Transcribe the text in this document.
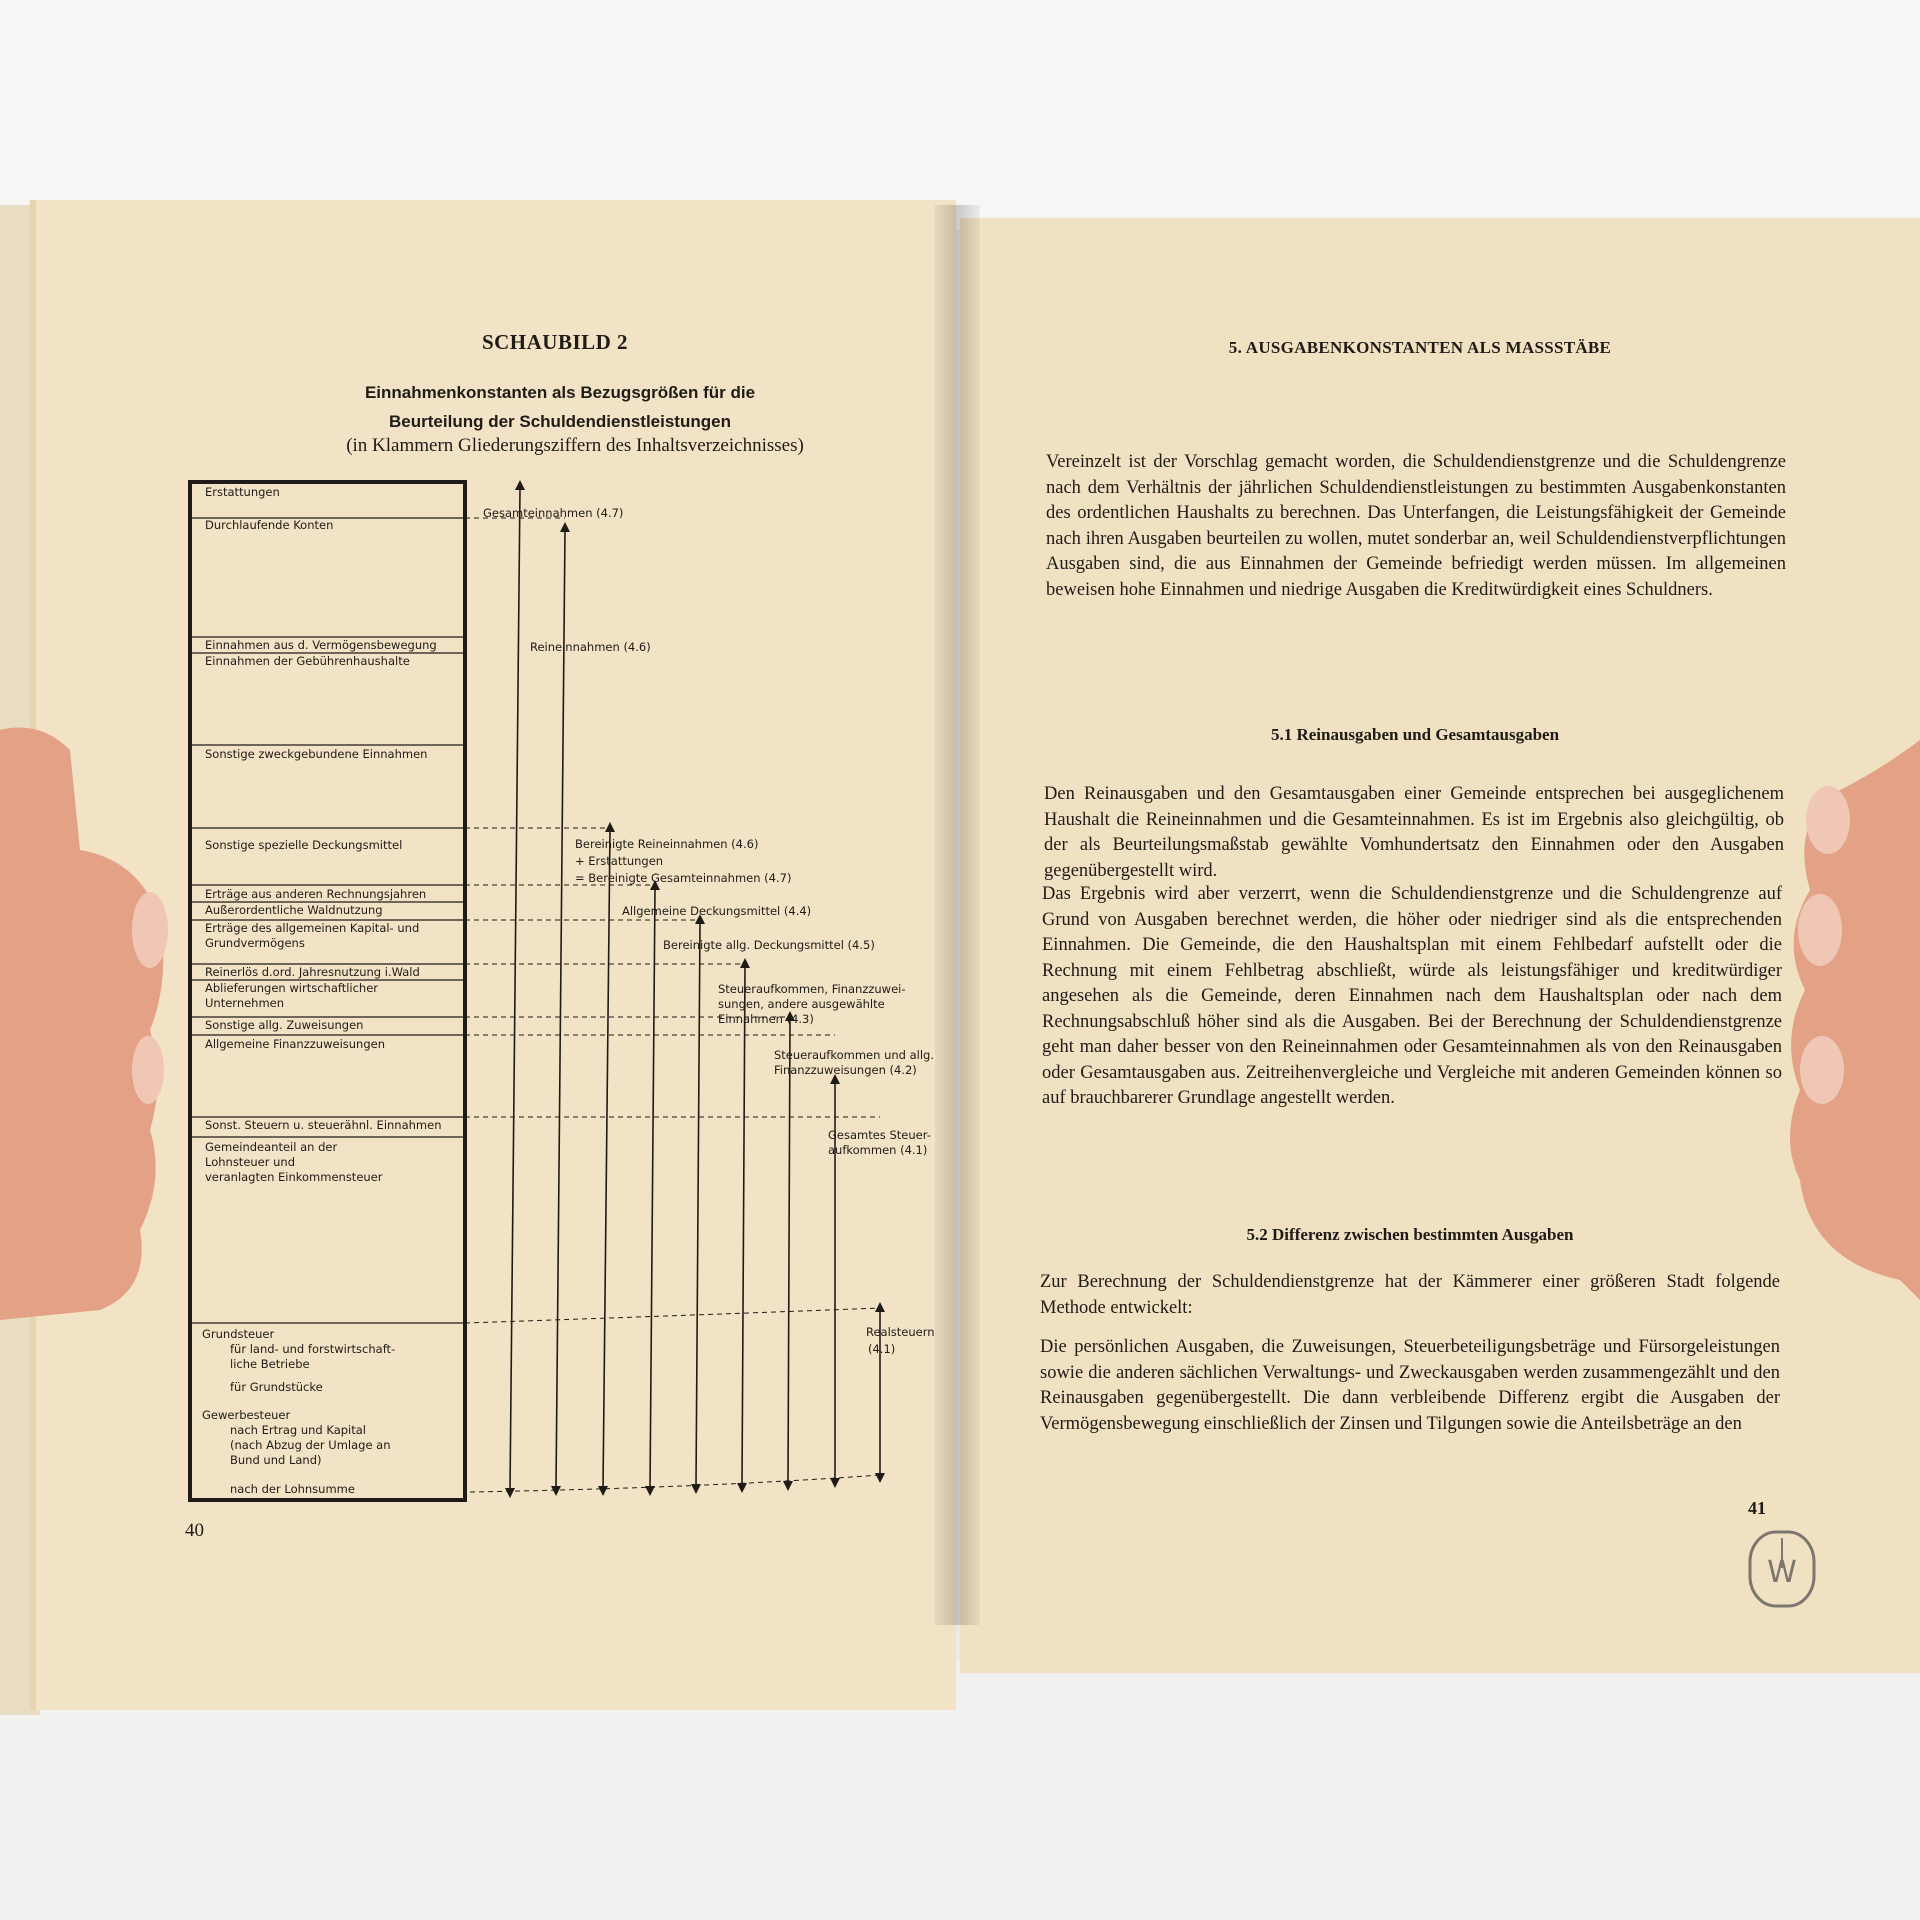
SCHAUBILD 2
Einnahmenkonstanten als Bezugsgrößen für die
Beurteilung der Schuldendienstleistungen
(in Klammern Gliederungsziffern des Inhaltsverzeichnisses)
Erstattungen
Durchlaufende Konten
Einnahmen aus d. Vermögensbewegung
Einnahmen der Gebührenhaushalte
Sonstige zweckgebundene Einnahmen
Sonstige spezielle Deckungsmittel
Erträge aus anderen Rechnungsjahren
Außerordentliche Waldnutzung
Erträge des allgemeinen Kapital- und
Grundvermögens
Reinerlös d.ord. Jahresnutzung i.Wald
Ablieferungen wirtschaftlicher
Unternehmen
Sonstige allg. Zuweisungen
Allgemeine Finanzzuweisungen
Sonst. Steuern u. steuerähnl. Einnahmen
Gemeindeanteil an der
Lohnsteuer und
veranlagten Einkommensteuer
Grundsteuer
für land- und forstwirtschaft-
liche Betriebe
für Grundstücke
Gewerbesteuer
nach Ertrag und Kapital
(nach Abzug der Umlage an
Bund und Land)
nach der Lohnsumme
Gesamteinnahmen (4.7)
Reineinnahmen (4.6)
Bereinigte Reineinnahmen (4.6)
+ Erstattungen
= Bereinigte Gesamteinnahmen (4.7)
Allgemeine Deckungsmittel (4.4)
Bereinigte allg. Deckungsmittel (4.5)
Steueraufkommen, Finanzzuwei-
sungen, andere ausgewählte
Einnahmen (4.3)
Steueraufkommen und allg.
Finanzzuweisungen (4.2)
Gesamtes Steuer-
aufkommen (4.1)
Realsteuern
(4.1)
40
5. AUSGABENKONSTANTEN ALS MASSSTÄBE
Vereinzelt ist der Vorschlag gemacht worden, die Schuldendienstgrenze und die Schuldengrenze nach dem Verhältnis der jährlichen Schuldendienstleistungen zu bestimmten Ausgabenkonstanten des ordentlichen Haushalts zu berechnen. Das Unterfangen, die Leistungsfähigkeit der Gemeinde nach ihren Ausgaben beurteilen zu wollen, mutet sonderbar an, weil Schuldendienstverpflichtungen Ausgaben sind, die aus Einnahmen der Gemeinde befriedigt werden müssen. Im allgemeinen beweisen hohe Einnahmen und niedrige Ausgaben die Kreditwürdigkeit eines Schuldners.
5.1 Reinausgaben und Gesamtausgaben
Den Reinausgaben und den Gesamtausgaben einer Gemeinde entsprechen bei ausgeglichenem Haushalt die Reineinnahmen und die Gesamteinnahmen. Es ist im Ergebnis also gleichgültig, ob der als Beurteilungsmaßstab gewählte Vomhundertsatz den Einnahmen oder den Ausgaben gegenübergestellt wird.
Das Ergebnis wird aber verzerrt, wenn die Schuldendienstgrenze und die Schuldengrenze auf Grund von Ausgaben berechnet werden, die höher oder niedriger sind als die entsprechenden Einnahmen. Die Gemeinde, die den Haushaltsplan mit einem Fehlbedarf aufstellt oder die Rechnung mit einem Fehlbetrag abschließt, würde als leistungsfähiger und kreditwürdiger angesehen als die Gemeinde, deren Einnahmen nach dem Haushaltsplan oder nach dem Rechnungsabschluß höher sind als die Ausgaben. Bei der Berechnung der Schuldendienstgrenze geht man daher besser von den Reineinnahmen oder Gesamteinnahmen als von den Reinausgaben oder Gesamtausgaben aus. Zeitreihenvergleiche und Vergleiche mit anderen Gemeinden können so auf brauchbarerer Grundlage angestellt werden.
5.2 Differenz zwischen bestimmten Ausgaben
Zur Berechnung der Schuldendienstgrenze hat der Kämmerer einer größeren Stadt folgende Methode entwickelt:
Die persönlichen Ausgaben, die Zuweisungen, Steuerbeteiligungsbeträge und Fürsorgeleistungen sowie die anderen sächlichen Verwaltungs- und Zweckausgaben werden zusammengezählt und den Reinausgaben gegenübergestellt. Die dann verbleibende Differenz ergibt die Ausgaben der Vermögensbewegung einschließlich der Zinsen und Tilgungen sowie die Anteilsbeträge an den
41
W
